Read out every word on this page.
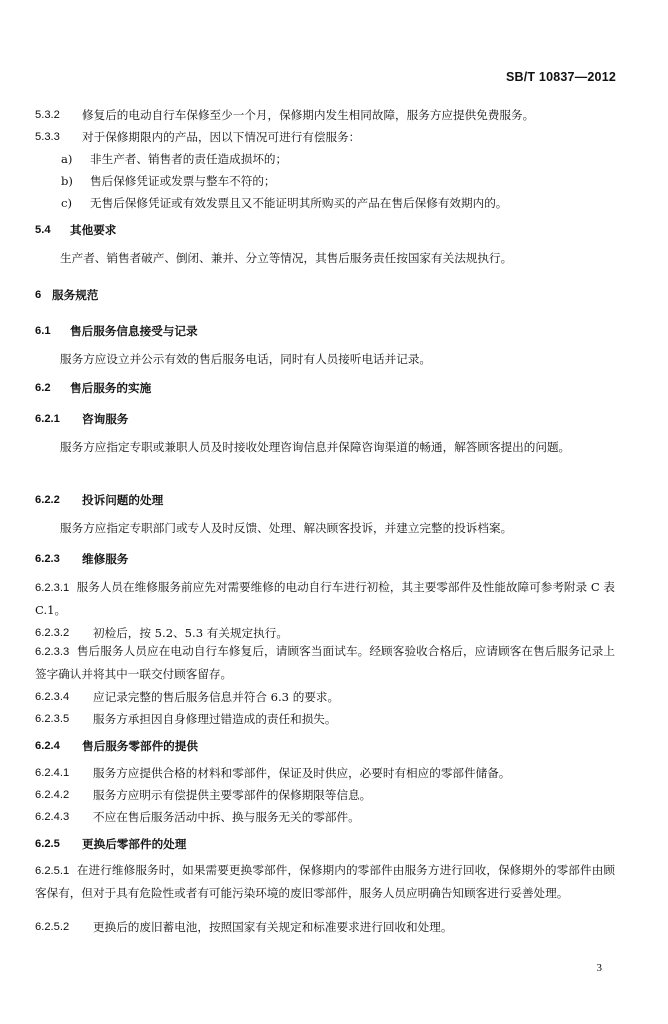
SB/T 10837—2012
5.3.2 修复后的电动自行车保修至少一个月，保修期内发生相同故障，服务方应提供免费服务。
5.3.3 对于保修期限内的产品，因以下情况可进行有偿服务：
a) 非生产者、销售者的责任造成损坏的；
b) 售后保修凭证或发票与整车不符的；
c) 无售后保修凭证或有效发票且又不能证明其所购买的产品在售后保修有效期内的。
5.4 其他要求
生产者、销售者破产、倒闭、兼并、分立等情况，其售后服务责任按国家有关法规执行。
6 服务规范
6.1 售后服务信息接受与记录
服务方应设立并公示有效的售后服务电话，同时有人员接听电话并记录。
6.2 售后服务的实施
6.2.1 咨询服务
服务方应指定专职或兼职人员及时接收处理咨询信息并保障咨询渠道的畅通，解答顾客提出的问题。
6.2.2 投诉问题的处理
服务方应指定专职部门或专人及时反馈、处理、解决顾客投诉，并建立完整的投诉档案。
6.2.3 维修服务
6.2.3.1 服务人员在维修服务前应先对需要维修的电动自行车进行初检，其主要零部件及性能故障可参考附录 C 表 C.1。
6.2.3.2 初检后，按 5.2、5.3 有关规定执行。
6.2.3.3 售后服务人员应在电动自行车修复后，请顾客当面试车。经顾客验收合格后，应请顾客在售后服务记录上签字确认并将其中一联交付顾客留存。
6.2.3.4 应记录完整的售后服务信息并符合 6.3 的要求。
6.2.3.5 服务方承担因自身修理过错造成的责任和损失。
6.2.4 售后服务零部件的提供
6.2.4.1 服务方应提供合格的材料和零部件，保证及时供应，必要时有相应的零部件储备。
6.2.4.2 服务方应明示有偿提供主要零部件的保修期限等信息。
6.2.4.3 不应在售后服务活动中拆、换与服务无关的零部件。
6.2.5 更换后零部件的处理
6.2.5.1 在进行维修服务时，如果需要更换零部件，保修期内的零部件由服务方进行回收，保修期外的零部件由顾客保有，但对于具有危险性或者有可能污染环境的废旧零部件，服务人员应明确告知顾客进行妥善处理。
6.2.5.2 更换后的废旧蓄电池，按照国家有关规定和标准要求进行回收和处理。
3
